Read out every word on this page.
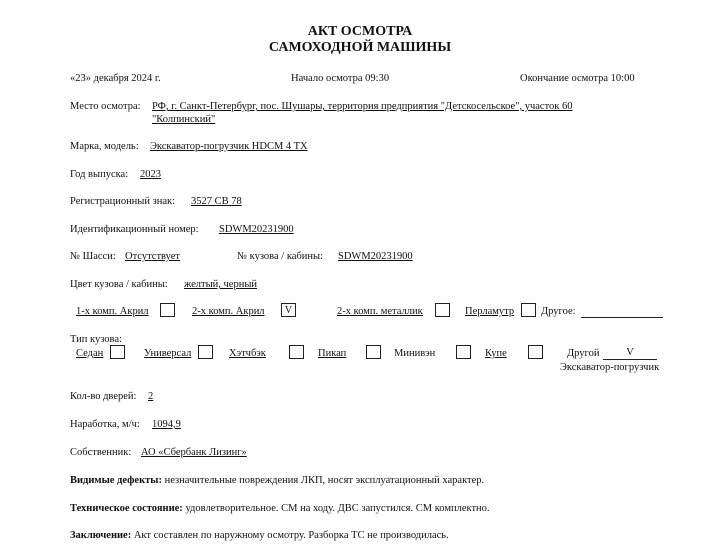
АКТ ОСМОТРА
САМОХОДНОЙ МАШИНЫ
«23» декабря 2024 г.	Начало осмотра 09:30	Окончание осмотра 10:00
Место осмотра: РФ, г. Санкт-Петербург, пос. Шушары, территория предприятия "Детскосельское", участок 60
"Колпинский"
Марка, модель: Экскаватор-погрузчик HDCM 4 TX
Год выпуска: 2023
Регистрационный знак: 3527 СВ 78
Идентификационный номер: SDWM20231900
№ Шасси: Отсутствует	№ кузова / кабины: SDWM20231900
Цвет кузова / кабины: желтый, черный
1-х комп. Акрил	2-х комп. Акрил	V	2-х комп. металлик	Перламутр	Другое:
Тип кузова:
Седан	Универсал	Хэтчбэк	Пикап	Минивэн	Купе	Другой	V
Экскаватор-погрузчик
Кол-во дверей: 2
Наработка, м/ч: 1094,9
Собственник: АО «Сбербанк Лизинг»
Видимые дефекты: незначительные повреждения ЛКП, носят эксплуатационный характер.
Техническое состояние: удовлетворительное. СМ на ходу. ДВС запустился. СМ комплектно.
Заключение: Акт составлен по наружному осмотру. Разборка ТС не производилась.
